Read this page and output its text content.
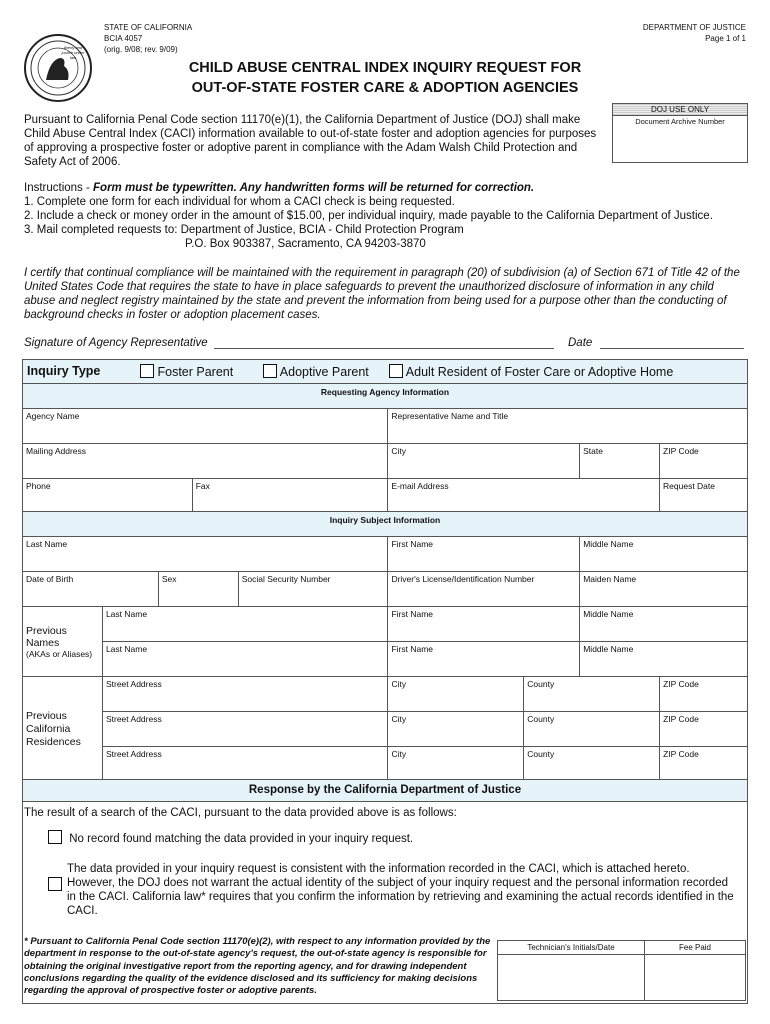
liberty and justice under law
STATE OF CALIFORNIA
BCIA 4057
(orig. 9/08; rev. 9/09)
DEPARTMENT OF JUSTICE
Page 1 of 1
CHILD ABUSE CENTRAL INDEX INQUIRY REQUEST FOR
OUT-OF-STATE FOSTER CARE & ADOPTION AGENCIES
DOJ USE ONLY
Document Archive Number
Pursuant to California Penal Code section 11170(e)(1), the California Department of Justice (DOJ) shall make Child Abuse Central Index (CACI) information available to out-of-state foster and adoption agencies for purposes of approving a prospective foster or adoptive parent in compliance with the Adam Walsh Child Protection and Safety Act of 2006.
Instructions - Form must be typewritten. Any handwritten forms will be returned for correction.
1. Complete one form for each individual for whom a CACI check is being requested.
2. Include a check or money order in the amount of $15.00, per individual inquiry, made payable to the California Department of Justice.
3. Mail completed requests to: Department of Justice, BCIA - Child Protection Program
P.O. Box 903387, Sacramento, CA 94203-3870
I certify that continual compliance will be maintained with the requirement in paragraph (20) of subdivision (a) of Section 671 of Title 42 of the United States Code that requires the state to have in place safeguards to prevent the unauthorized disclosure of information in any child abuse and neglect registry maintained by the state and prevent the information from being used for a purpose other than the conducting of background checks in foster or adoption placement cases.
Signature of Agency Representative	Date
Inquiry Type	Foster Parent	Adoptive Parent	Adult Resident of Foster Care or Adoptive Home
Requesting Agency Information				
Agency Name		Representative Name and Title		
Mailing Address		City	State	ZIP Code
Phone	Fax	E-mail Address		Request Date
Inquiry Subject Information							
Last Name				First Name		Middle Name	
Date of Birth		Sex	Social Security Number	Driver's License/Identification Number		Maiden Name	

Previous Names
(AKAs or Aliases)	Last Name			First Name		Middle Name	
	Last Name			First Name		Middle Name	
Previous California Residences	Street Address			City	County		ZIP Code
	Street Address			City	County		ZIP Code
	Street Address			City	County		ZIP Code
Response by the California Department of Justice
The result of a search of the CACI, pursuant to the data provided above is as follows:
No record found matching the data provided in your inquiry request.
The data provided in your inquiry request is consistent with the information recorded in the CACI, which is attached hereto. However, the DOJ does not warrant the actual identity of the subject of your inquiry request and the personal information recorded in the CACI. California law* requires that you confirm the information by retrieving and examining the actual records identified in the CACI.
* Pursuant to California Penal Code section 11170(e)(2), with respect to any information provided by the department in response to the out-of-state agency's request, the out-of-state agency is responsible for obtaining the original investigative report from the reporting agency, and for drawing independent conclusions regarding the quality of the evidence disclosed and its sufficiency for making decisions regarding the approval of prospective foster or adoptive parents.
Technician's Initials/Date	Fee Paid
